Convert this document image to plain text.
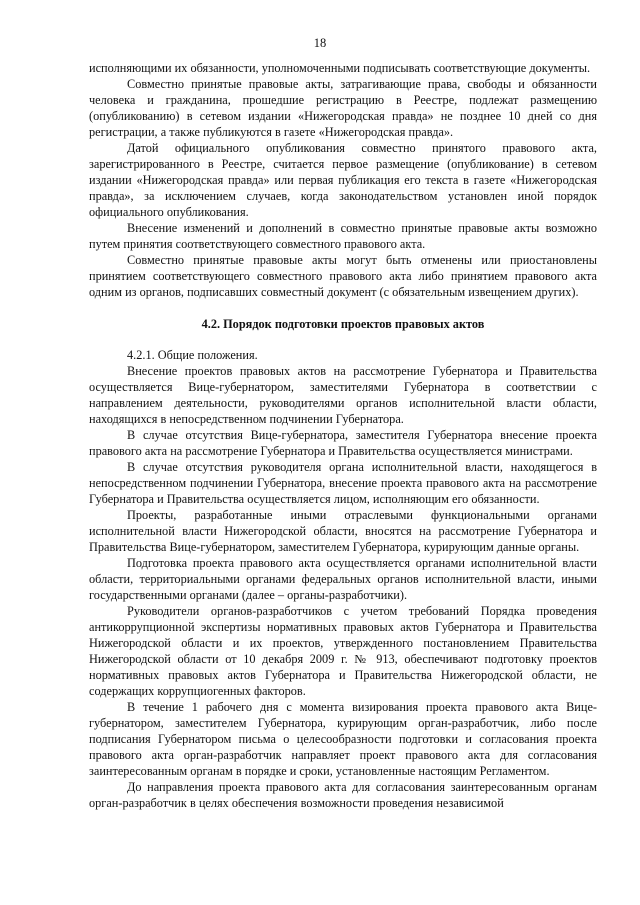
18

исполняющими их обязанности, уполномоченными подписывать соответствующие документы.

Совместно принятые правовые акты, затрагивающие права, свободы и обязанности человека и гражданина, прошедшие регистрацию в Реестре, подлежат размещению (опубликованию) в сетевом издании «Нижегородская правда» не позднее 10 дней со дня регистрации, а также публикуются в газете «Нижегородская правда».

Датой официального опубликования совместно принятого правового акта, зарегистрированного в Реестре, считается первое размещение (опубликование) в сетевом издании «Нижегородская правда» или первая публикация его текста в газете «Нижегородская правда», за исключением случаев, когда законодательством установлен иной порядок официального опубликования.

Внесение изменений и дополнений в совместно принятые правовые акты возможно путем принятия соответствующего совместного правового акта.

Совместно принятые правовые акты могут быть отменены или приостановлены принятием соответствующего совместного правового акта либо принятием правового акта одним из органов, подписавших совместный документ (с обязательным извещением других).

4.2. Порядок подготовки проектов правовых актов

4.2.1. Общие положения.

Внесение проектов правовых актов на рассмотрение Губернатора и Правительства осуществляется Вице-губернатором, заместителями Губернатора в соответствии с направлением деятельности, руководителями органов исполнительной власти области, находящихся в непосредственном подчинении Губернатора.

В случае отсутствия Вице-губернатора, заместителя Губернатора внесение проекта правового акта на рассмотрение Губернатора и Правительства осуществляется министрами.

В случае отсутствия руководителя органа исполнительной власти, находящегося в непосредственном подчинении Губернатора, внесение проекта правового акта на рассмотрение Губернатора и Правительства осуществляется лицом, исполняющим его обязанности.

Проекты, разработанные иными отраслевыми функциональными органами исполнительной власти Нижегородской области, вносятся на рассмотрение Губернатора и Правительства Вице-губернатором, заместителем Губернатора, курирующим данные органы.

Подготовка проекта правового акта осуществляется органами исполнительной власти области, территориальными органами федеральных органов исполнительной власти, иными государственными органами (далее – органы-разработчики).

Руководители органов-разработчиков с учетом требований Порядка проведения антикоррупционной экспертизы нормативных правовых актов Губернатора и Правительства Нижегородской области и их проектов, утвержденного постановлением Правительства Нижегородской области от 10 декабря 2009 г. № 913, обеспечивают подготовку проектов нормативных правовых актов Губернатора и Правительства Нижегородской области, не содержащих коррупциогенных факторов.

В течение 1 рабочего дня с момента визирования проекта правового акта Вице-губернатором, заместителем Губернатора, курирующим орган-разработчик, либо после подписания Губернатором письма о целесообразности подготовки и согласования проекта правового акта орган-разработчик направляет проект правового акта для согласования заинтересованным органам в порядке и сроки, установленные настоящим Регламентом.

До направления проекта правового акта для согласования заинтересованным органам орган-разработчик в целях обеспечения возможности проведения независимой
